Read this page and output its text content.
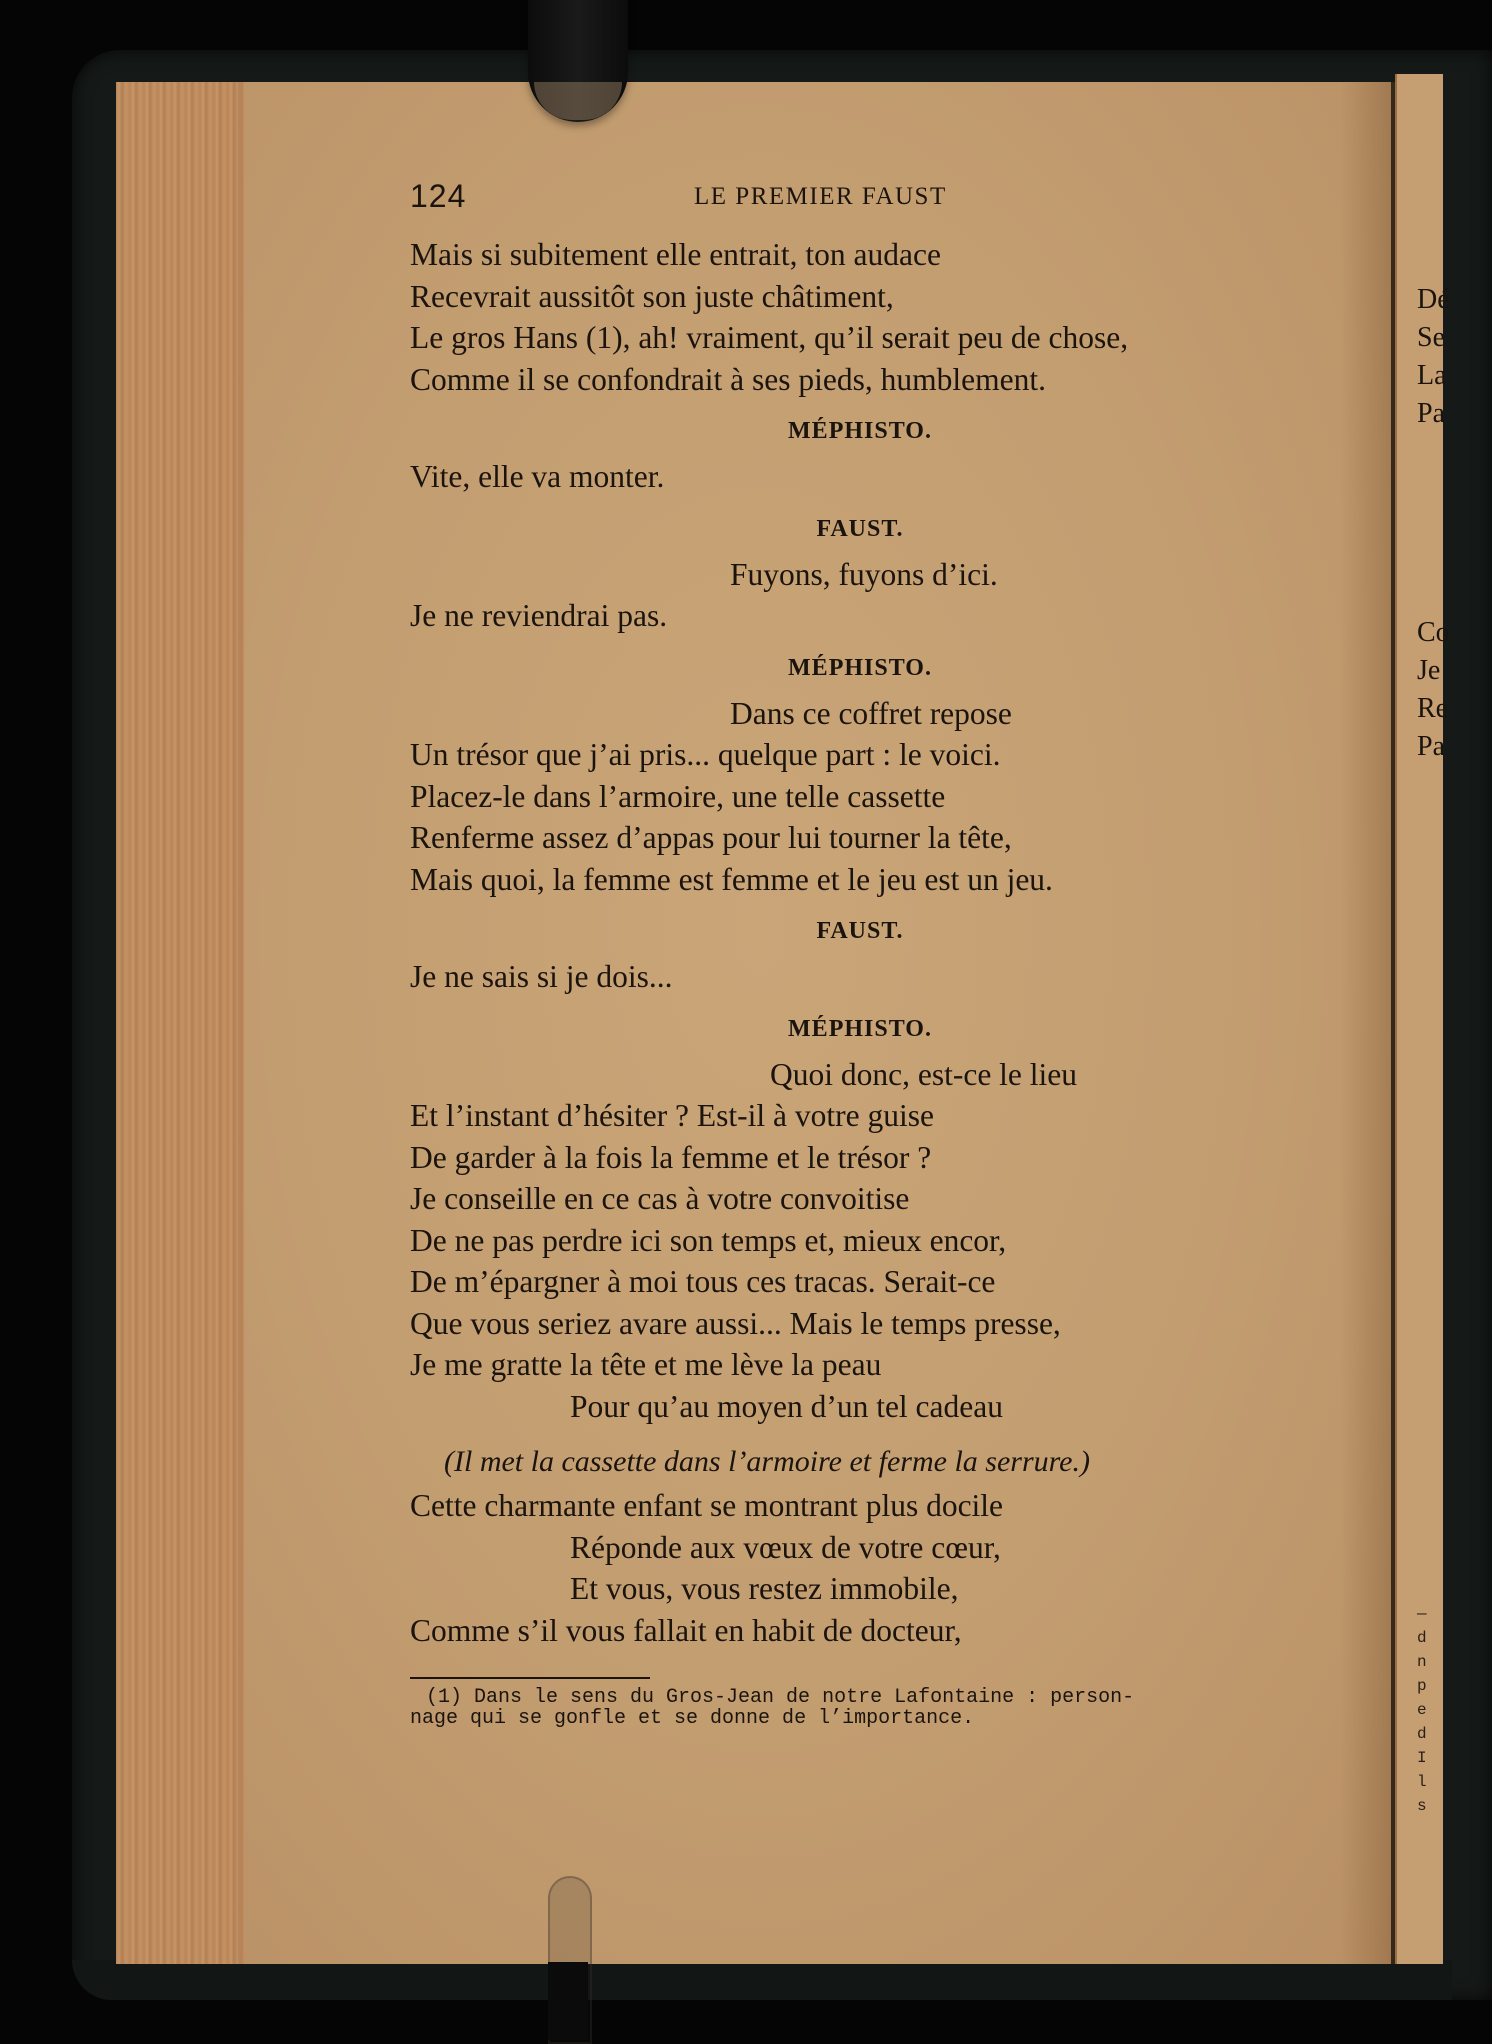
Dé
Se
La
Pa
Co
Je
Re
Pa
—
d
n
p
e
d
I
l
s
124	LE PREMIER FAUST
Mais si subitement elle entrait, ton audace
Recevrait aussitôt son juste châtiment,
Le gros Hans (1), ah! vraiment, qu’il serait peu de chose,
Comme il se confondrait à ses pieds, humblement.
MÉPHISTO.
Vite, elle va monter.
FAUST.
Fuyons, fuyons d’ici.
Je ne reviendrai pas.
MÉPHISTO.
Dans ce coffret repose
Un trésor que j’ai pris... quelque part : le voici.
Placez-le dans l’armoire, une telle cassette
Renferme assez d’appas pour lui tourner la tête,
Mais quoi, la femme est femme et le jeu est un jeu.
FAUST.
Je ne sais si je dois...
MÉPHISTO.
Quoi donc, est-ce le lieu
Et l’instant d’hésiter ? Est-il à votre guise
De garder à la fois la femme et le trésor ?
Je conseille en ce cas à votre convoitise
De ne pas perdre ici son temps et, mieux encor,
De m’épargner à moi tous ces tracas. Serait-ce
Que vous seriez avare aussi... Mais le temps presse,
Je me gratte la tête et me lève la peau
Pour qu’au moyen d’un tel cadeau
(Il met la cassette dans l’armoire et ferme la serrure.)
Cette charmante enfant se montrant plus docile
Réponde aux vœux de votre cœur,
Et vous, vous restez immobile,
Comme s’il vous fallait en habit de docteur,
(1) Dans le sens du Gros-Jean de notre Lafontaine : person-
nage qui se gonfle et se donne de l’importance.
